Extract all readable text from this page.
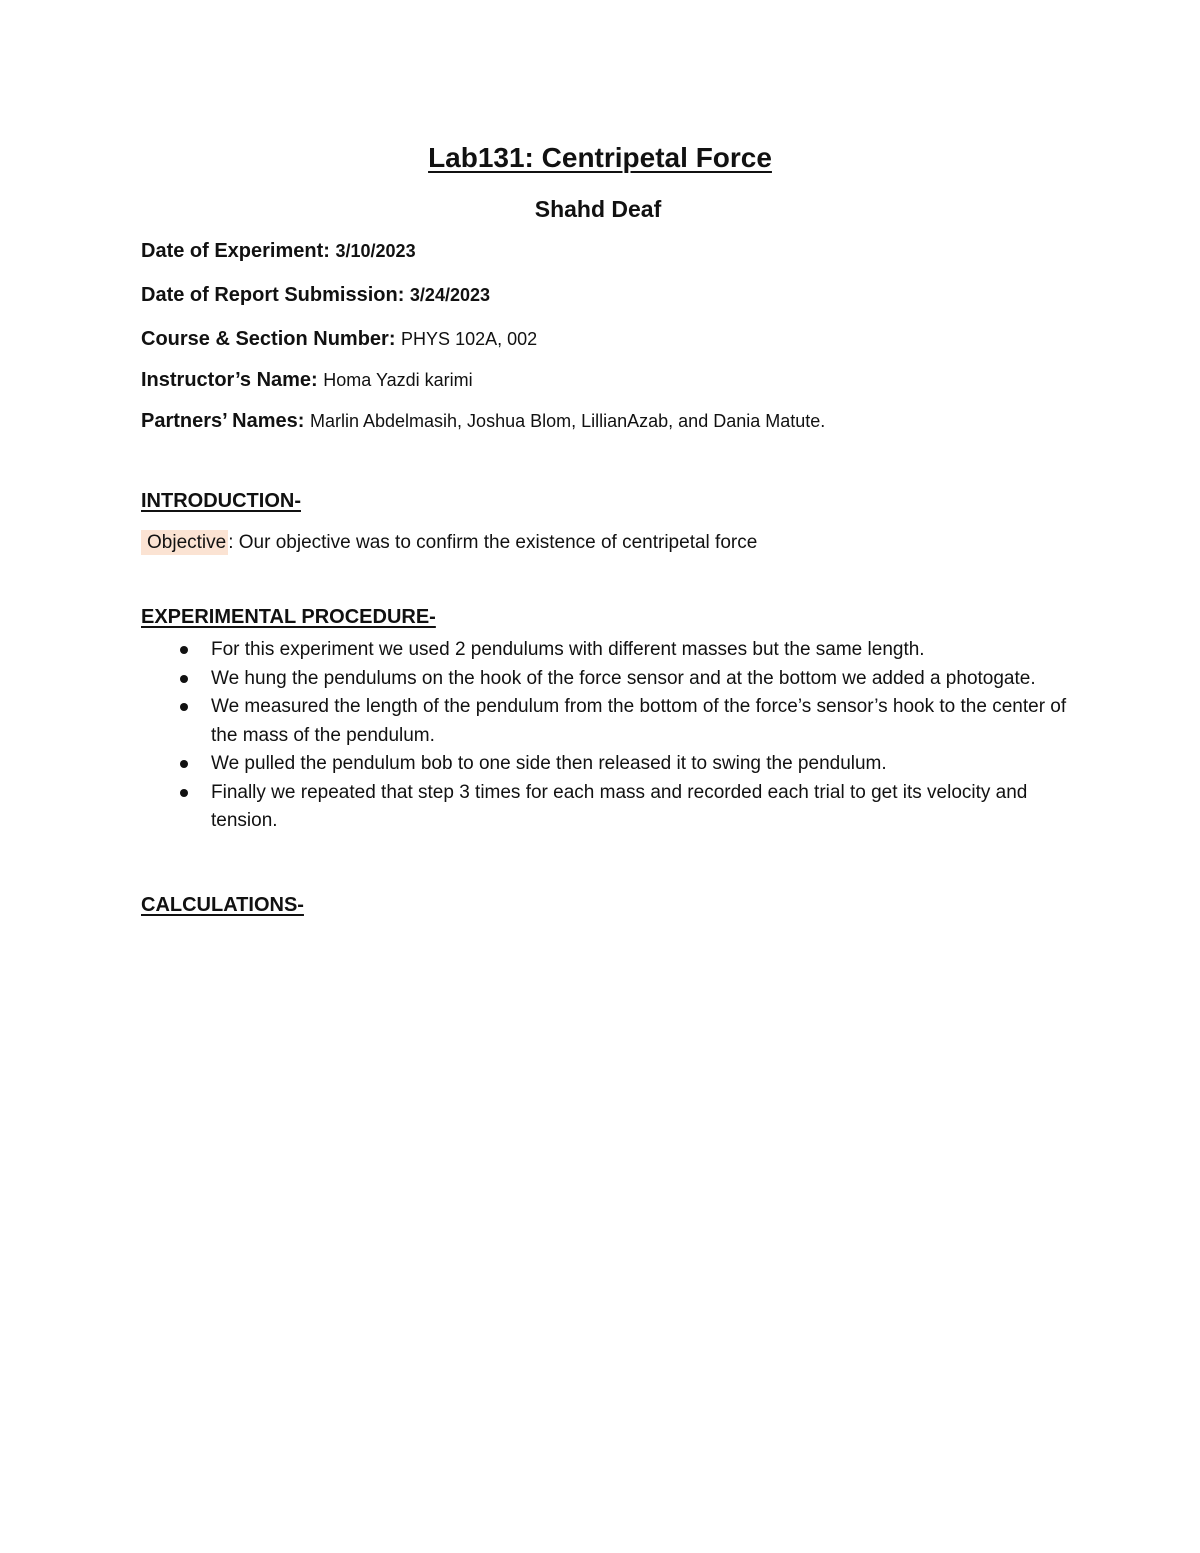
Lab131: Centripetal Force
Shahd Deaf

Date of Experiment: 3/10/2023

Date of Report Submission: 3/24/2023

Course & Section Number: PHYS 102A, 002

Instructor’s Name: Homa Yazdi karimi

Partners’ Names: Marlin Abdelmasih, Joshua Blom, LillianAzab, and Dania Matute.

INTRODUCTION-

Objective : Our objective was to confirm the existence of centripetal force

EXPERIMENTAL PROCEDURE-
For this experiment we used 2 pendulums with different masses but the same length.
We hung the pendulums on the hook of the force sensor and at the bottom we added a photogate.
We measured the length of the pendulum from the bottom of the force’s sensor’s hook to the center of the mass of the pendulum.
We pulled the pendulum bob to one side then released it to swing the pendulum.
Finally we repeated that step 3 times for each mass and recorded each trial to get its velocity and tension.
CALCULATIONS-
